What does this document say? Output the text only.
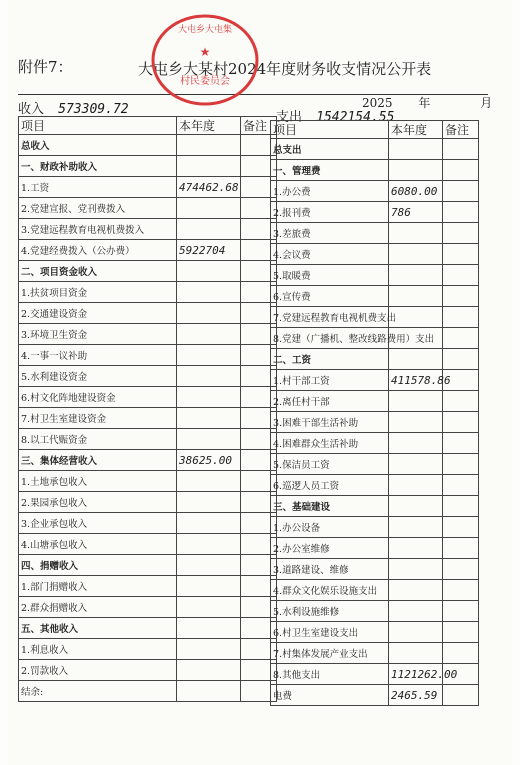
附件7：	大屯乡大某村2024年度财务收支情况公开表
★
村民委员会
大屯乡大屯集
2025 年	月
收入 573309.72
支出 1542154.55
项目	本年度	备注
总收入		
一、财政补助收入		
1.工资	474462.68	
2.党建宣报、党刊费拨入		
3.党建远程教育电视机费拨入		
4.党建经费拨入（公办费）	5922704	
二、项目资金收入		
1.扶贫项目资金		
2.交通建设资金		
3.环境卫生资金		
4.一事一议补助		
5.水利建设资金		
6.村文化阵地建设资金		
7.村卫生室建设资金		
8.以工代赈资金		
三、集体经营收入	38625.00	
1.土地承包收入		
2.果园承包收入		
3.企业承包收入		
4.山塘承包收入		
四、捐赠收入		
1.部门捐赠收入		
2.群众捐赠收入		
五、其他收入		
1.利息收入		
2.罚款收入		
结余:		
项目	本年度	备注
总支出		
一、管理费		
1.办公费	6080.00	
2.报刊费	786	
3.差旅费		
4.会议费		
5.取暖费		
6.宣传费		
7.党建远程教育电视机费支出		
8.党建（广播机、整改线路费用）支出		
二、工资		
1.村干部工资	411578.86	
2.离任村干部		
3.困难干部生活补助		
4.困难群众生活补助		
5.保洁员工资		
6.巡逻人员工资		
三、基础建设		
1.办公设备		
2.办公室维修		
3.道路建设、维修		
4.群众文化娱乐设施支出		
5.水利设施维修		
6.村卫生室建设支出		
7.村集体发展产业支出		
8.其他支出	1121262.00	
电费	2465.59	
